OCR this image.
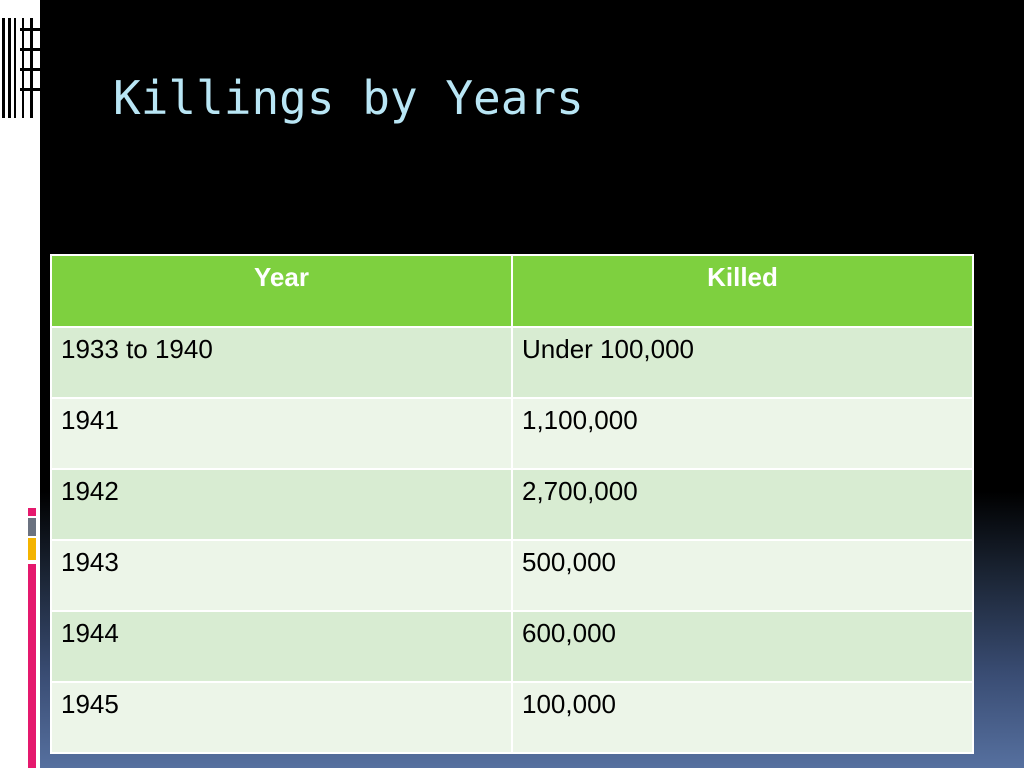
Killings by Years
Year	Killed
1933 to 1940	Under 100,000
1941	1,100,000
1942	2,700,000
1943	500,000
1944	600,000
1945	100,000
